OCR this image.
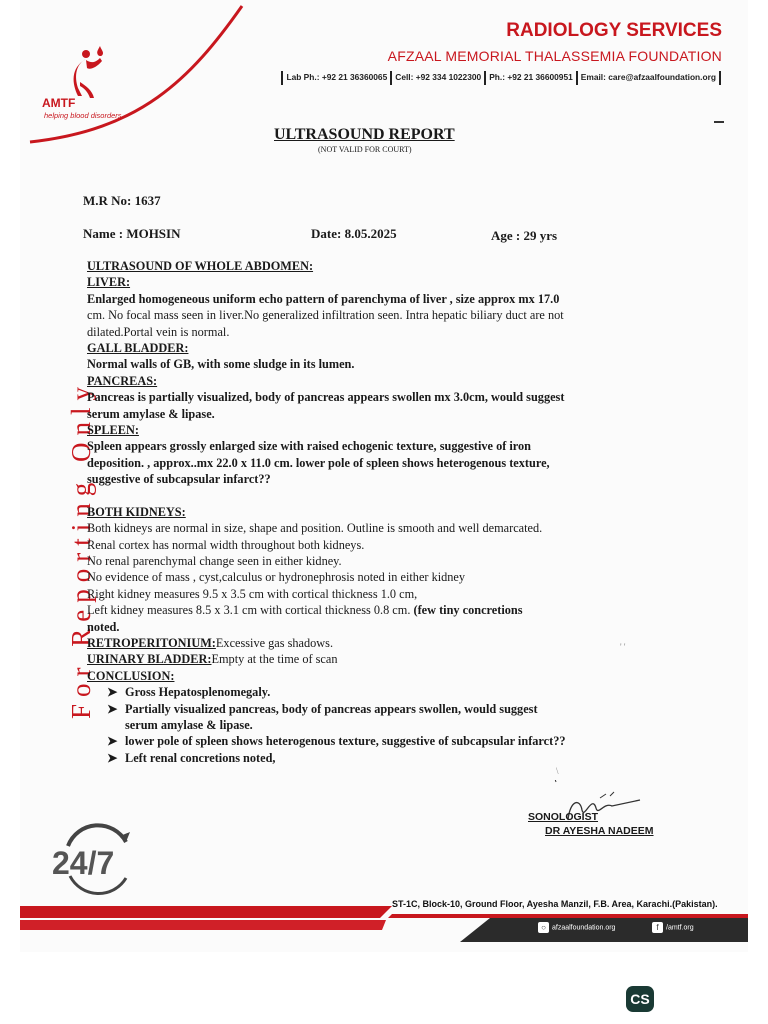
AMTF
helping blood disorders
RADIOLOGY SERVICES
AFZAAL MEMORIAL THALASSEMIA FOUNDATION
Lab Ph.: +92 21 36360065 Cell: +92 334 1022300 Ph.: +92 21 36600951 Email: care@afzaalfoundation.org
ULTRASOUND REPORT
(NOT VALID FOR COURT)
For Reporting Only
M.R No: 1637
Name : MOHSIN	Date: 8.05.2025	Age : 29 yrs

ULTRASOUND OF WHOLE ABDOMEN:

LIVER:

Enlarged homogeneous uniform echo pattern of parenchyma of liver , size approx mx 17.0

cm. No focal mass seen in liver.No generalized infiltration seen. Intra hepatic biliary duct are not

dilated.Portal vein is normal.

GALL BLADDER:

Normal walls of GB, with some sludge in its lumen.

PANCREAS:

Pancreas is partially visualized, body of pancreas appears swollen mx 3.0cm, would suggest

serum amylase & lipase.

SPLEEN:

Spleen appears grossly enlarged size with raised echogenic texture, suggestive of iron

deposition. , approx..mx 22.0 x 11.0 cm. lower pole of spleen shows heterogenous texture,

suggestive of subcapsular infarct??

BOTH KIDNEYS:

Both kidneys are normal in size, shape and position. Outline is smooth and well demarcated.

Renal cortex has normal width throughout both kidneys.

No renal parenchymal change seen in either kidney.

No evidence of mass , cyst,calculus or hydronephrosis noted in either kidney

Right kidney measures 9.5 x 3.5 cm with cortical thickness 1.0 cm,

Left kidney measures 8.5 x 3.1 cm with cortical thickness 0.8 cm. (few tiny concretions

noted.

RETROPERITONIUM:Excessive gas shadows.

URINARY BLADDER:Empty at the time of scan

CONCLUSION:

➤ Gross Hepatosplenomegaly.
➤ Partially visualized pancreas, body of pancreas appears swollen, would suggest
serum amylase & lipase.
➤ lower pole of spleen shows heterogenous texture, suggestive of subcapsular infarct??
➤ Left renal concretions noted,
SONOLOGIST
DR AYESHA NADEEM
24/7
ST-1C, Block-10, Ground Floor, Ayesha Manzil, F.B. Area, Karachi.(Pakistan).
○ afzaalfoundation.org	f /amtf.org
' '
\
CS
